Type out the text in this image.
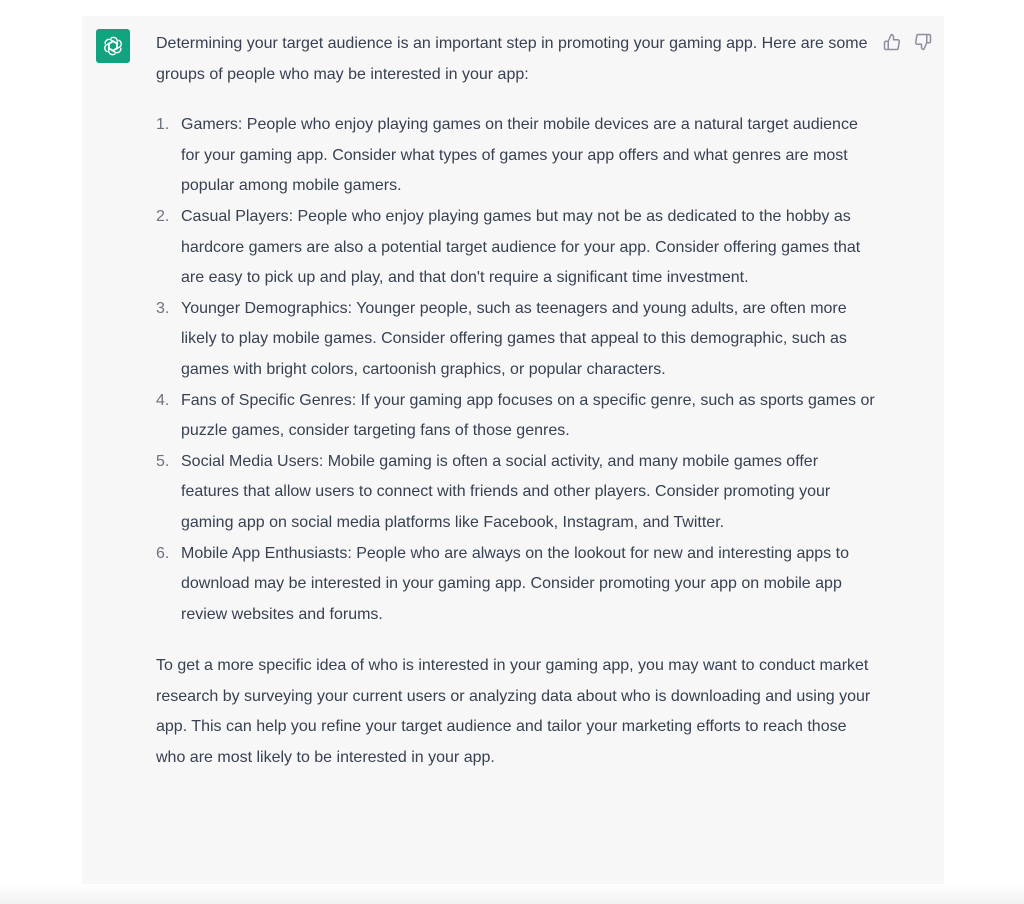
Determining your target audience is an important step in promoting your gaming app. Here are some groups of people who may be interested in your app:

1. Gamers: People who enjoy playing games on their mobile devices are a natural target audience for your gaming app. Consider what types of games your app offers and what genres are most popular among mobile gamers.
2. Casual Players: People who enjoy playing games but may not be as dedicated to the hobby as hardcore gamers are also a potential target audience for your app. Consider offering games that are easy to pick up and play, and that don't require a significant time investment.
3. Younger Demographics: Younger people, such as teenagers and young adults, are often more likely to play mobile games. Consider offering games that appeal to this demographic, such as games with bright colors, cartoonish graphics, or popular characters.
4. Fans of Specific Genres: If your gaming app focuses on a specific genre, such as sports games or puzzle games, consider targeting fans of those genres.
5. Social Media Users: Mobile gaming is often a social activity, and many mobile games offer features that allow users to connect with friends and other players. Consider promoting your gaming app on social media platforms like Facebook, Instagram, and Twitter.
6. Mobile App Enthusiasts: People who are always on the lookout for new and interesting apps to download may be interested in your gaming app. Consider promoting your app on mobile app review websites and forums.

To get a more specific idea of who is interested in your gaming app, you may want to conduct market research by surveying your current users or analyzing data about who is downloading and using your app. This can help you refine your target audience and tailor your marketing efforts to reach those who are most likely to be interested in your app.
